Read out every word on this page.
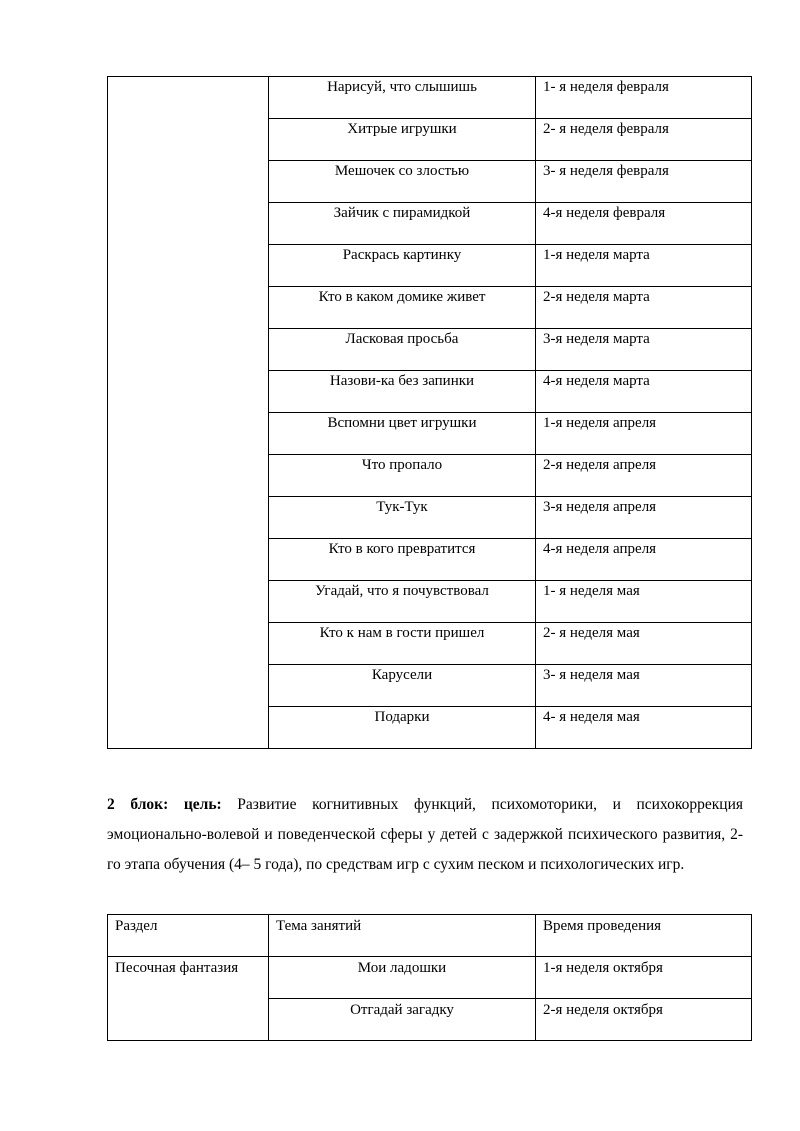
	Нарисуй, что слышишь	1- я неделя февраля

	Хитрые игрушки	2- я неделя февраля

	Мешочек со злостью	3- я неделя февраля

	Зайчик с пирамидкой	4-я неделя февраля

	Раскрась картинку	1-я неделя марта

	Кто в каком домике живет	2-я неделя марта

	Ласковая просьба	3-я неделя марта

	Назови-ка без запинки	4-я неделя марта

	Вспомни цвет игрушки	1-я неделя апреля

	Что пропало	2-я неделя апреля

	Тук-Тук	3-я неделя апреля

	Кто в кого превратится	4-я неделя апреля

	Угадай, что я почувствовал	1- я неделя мая

	Кто к нам в гости пришел	2- я неделя мая

	Карусели	3- я неделя мая

	Подарки	4- я неделя мая
2 блок: цель: Развитие когнитивных функций, психомоторики, и психокоррекция эмоционально-волевой и поведенческой сферы у детей с задержкой психического развития, 2-го этапа обучения (4– 5 года), по средствам игр с сухим песком и психологических игр.
Раздел	Тема занятий	Время проведения

Песочная фантазия	Мои ладошки	1-я неделя октября

	Отгадай загадку	2-я неделя октября
